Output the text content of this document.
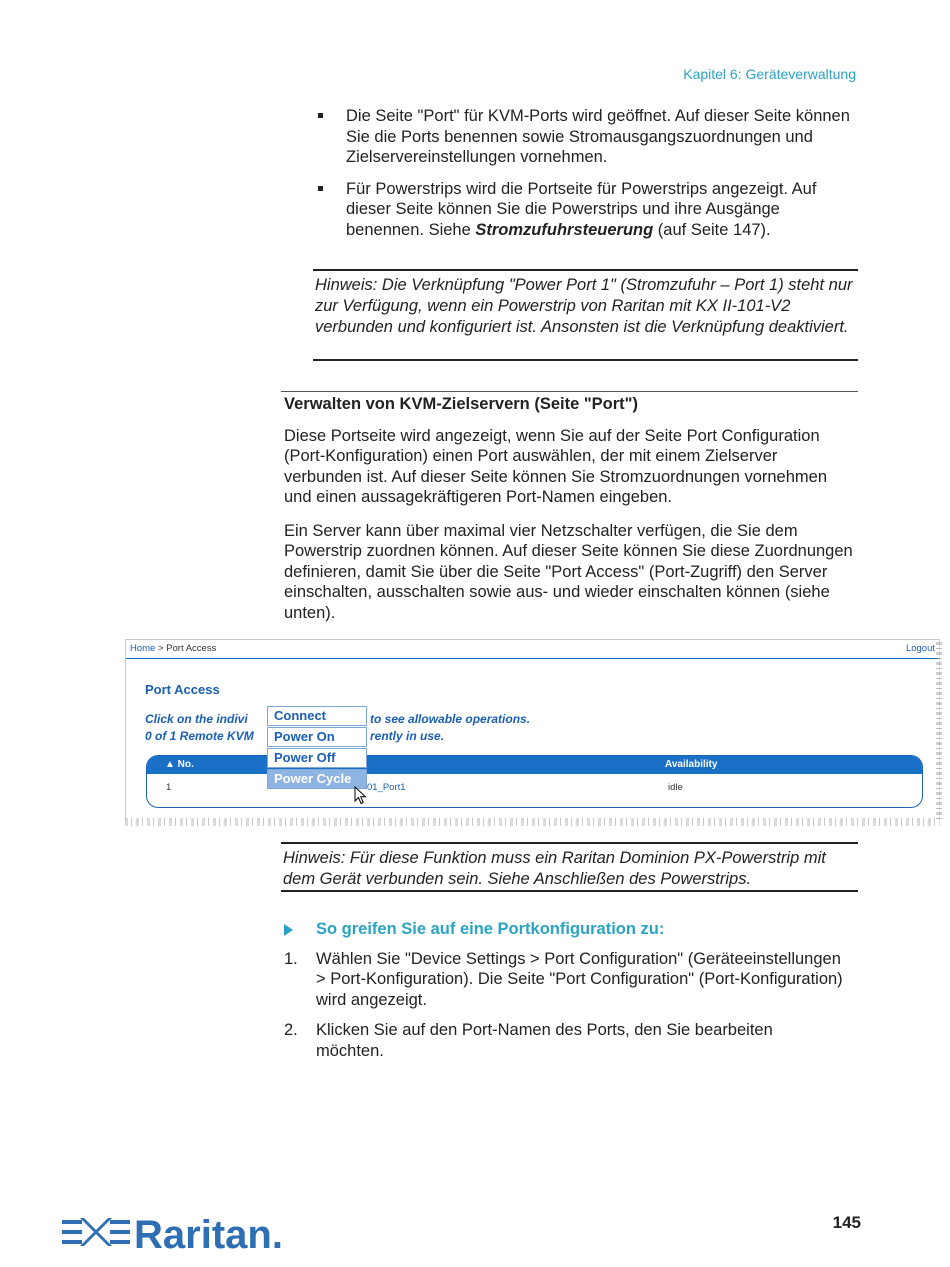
Kapitel 6: Geräteverwaltung
Die Seite "Port" für KVM-Ports wird geöffnet. Auf dieser Seite können Sie die Ports benennen sowie Stromausgangszuordnungen und Zielservereinstellungen vornehmen.
Für Powerstrips wird die Portseite für Powerstrips angezeigt. Auf dieser Seite können Sie die Powerstrips und ihre Ausgänge benennen. Siehe Stromzufuhrsteuerung (auf Seite 147).
Hinweis: Die Verknüpfung "Power Port 1" (Stromzufuhr – Port 1) steht nur zur Verfügung, wenn ein Powerstrip von Raritan mit KX II-101-V2 verbunden und konfiguriert ist. Ansonsten ist die Verknüpfung deaktiviert.
Verwalten von KVM-Zielservern (Seite "Port")

Diese Portseite wird angezeigt, wenn Sie auf der Seite Port Configuration (Port-Konfiguration) einen Port auswählen, der mit einem Zielserver verbunden ist. Auf dieser Seite können Sie Stromzuordnungen vornehmen und einen aussagekräftigeren Port-Namen eingeben.

Ein Server kann über maximal vier Netzschalter verfügen, die Sie dem Powerstrip zuordnen können. Auf dieser Seite können Sie diese Zuordnungen definieren, damit Sie über die Seite "Port Access" (Port-Zugriff) den Server einschalten, ausschalten sowie aus- und wieder einschalten können (siehe unten).

Home > Port Access	Logout
Port Access
Click on the indivi	to see allowable operations.
0 of 1 Remote KVM	rently in use.
▲ No.	Availability
1	01_Port1	idle
Connect
Power On
Power Off
Power Cycle
Hinweis: Für diese Funktion muss ein Raritan Dominion PX-Powerstrip mit dem Gerät verbunden sein. Siehe Anschließen des Powerstrips.
So greifen Sie auf eine Portkonfiguration zu:
1. Wählen Sie "Device Settings > Port Configuration" (Geräteeinstellungen > Port-Konfiguration). Die Seite "Port Configuration" (Port-Konfiguration) wird angezeigt.
2. Klicken Sie auf den Port-Namen des Ports, den Sie bearbeiten möchten.
Raritan.	145
